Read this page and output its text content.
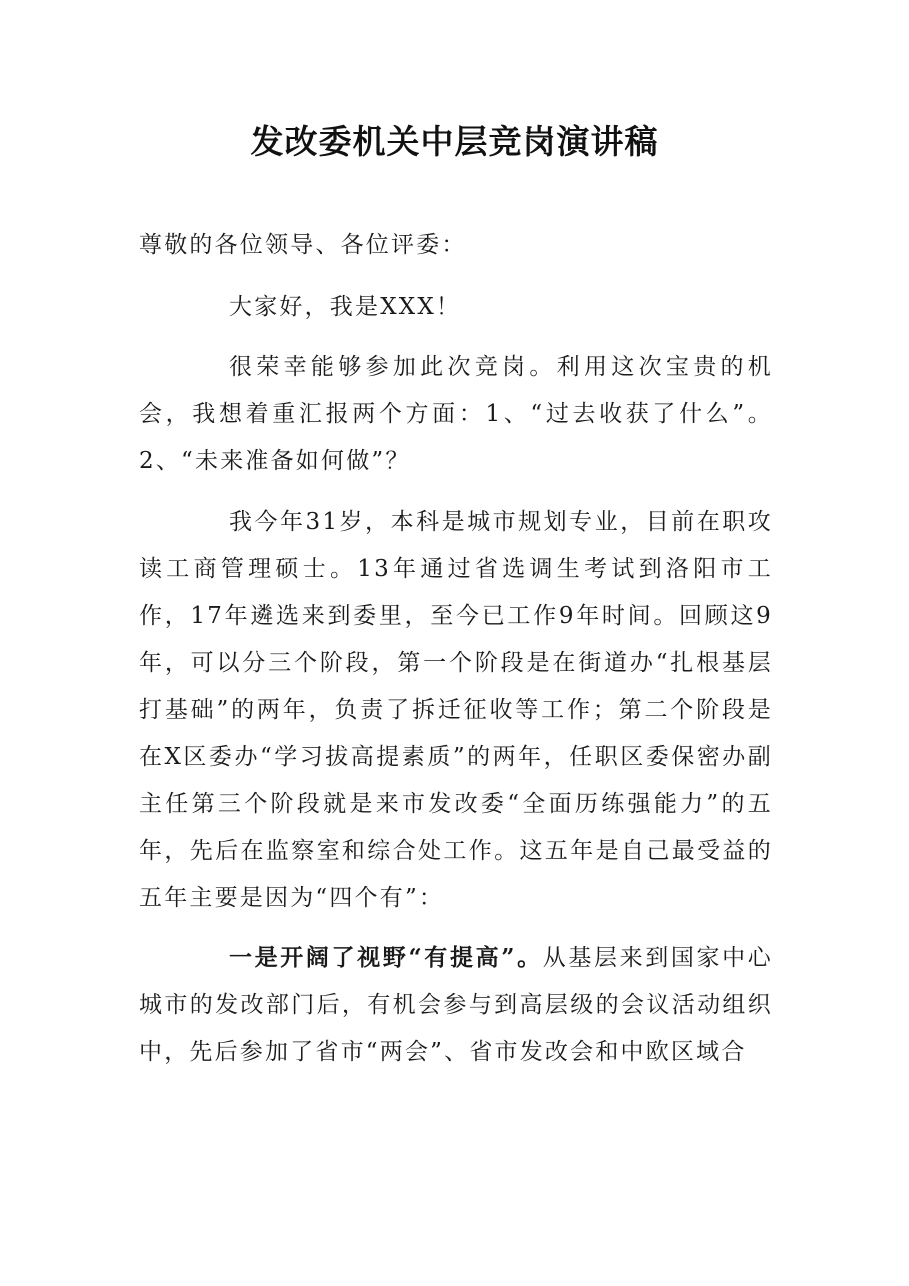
发改委机关中层竞岗演讲稿

尊敬的各位领导、各位评委：

大家好，我是XXX！

很荣幸能够参加此次竞岗。利用这次宝贵的机会，我想着重汇报两个方面：1、“过去收获了什么”。2、“未来准备如何做”？

我今年31岁，本科是城市规划专业，目前在职攻读工商管理硕士。13年通过省选调生考试到洛阳市工作，17年遴选来到委里，至今已工作9年时间。回顾这9年，可以分三个阶段，第一个阶段是在街道办“扎根基层打基础”的两年，负责了拆迁征收等工作；第二个阶段是在X区委办“学习拔高提素质”的两年，任职区委保密办副主任第三个阶段就是来市发改委“全面历练强能力”的五年，先后在监察室和综合处工作。这五年是自己最受益的五年主要是因为“四个有”：

一是开阔了视野“有提高”。从基层来到国家中心城市的发改部门后，有机会参与到高层级的会议活动组织中，先后参加了省市“两会”、省市发改会和中欧区域合
